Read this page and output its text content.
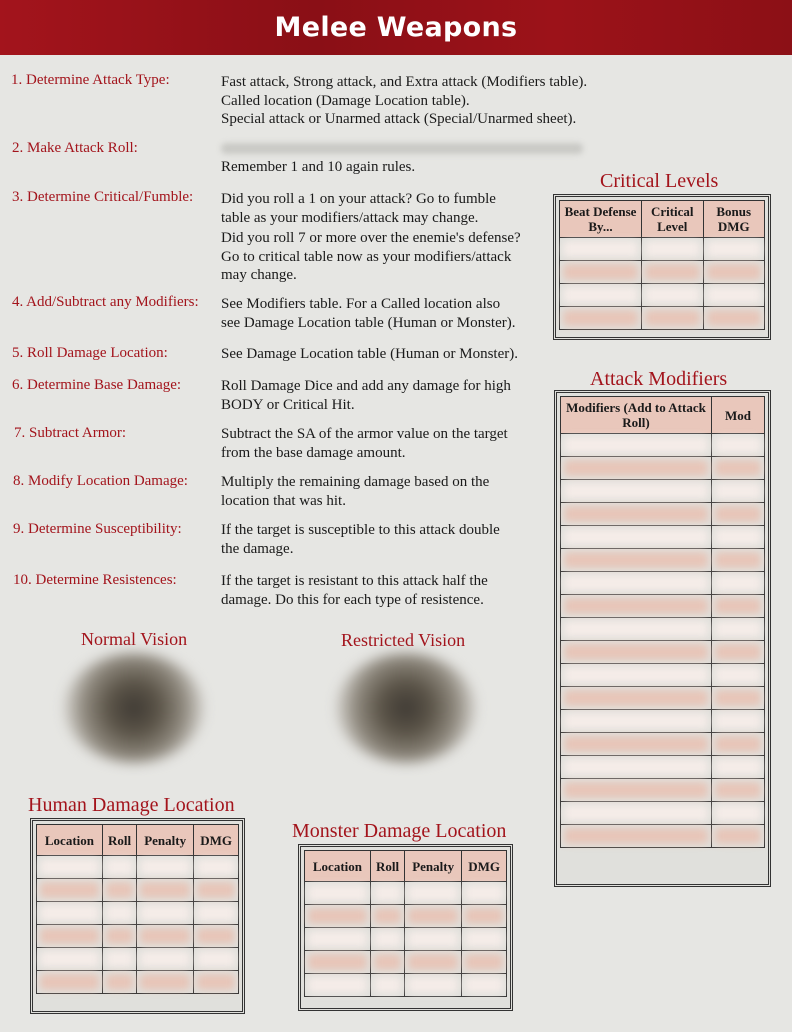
Melee Weapons
1. Determine Attack Type:	Fast attack, Strong attack, and Extra attack (Modifiers table).
Called location (Damage Location table).
Special attack or Unarmed attack (Special/Unarmed sheet).
2. Make Attack Roll:
Remember 1 and 10 again rules.
3. Determine Critical/Fumble: Did you roll a 1 on your attack? Go to fumble
table as your modifiers/attack may change.
Did you roll 7 or more over the enemie's defense?
Go to critical table now as your modifiers/attack
may change.
4. Add/Subtract any Modifiers: See Modifiers table. For a Called location also
see Damage Location table (Human or Monster).
5. Roll Damage Location:	See Damage Location table (Human or Monster).
6. Determine Base Damage:	Roll Damage Dice and add any damage for high
BODY or Critical Hit.
7. Subtract Armor:	Subtract the SA of the armor value on the target
from the base damage amount.
8. Modify Location Damage: Multiply the remaining damage based on the
location that was hit.
9. Determine Susceptibility:	If the target is susceptible to this attack double
the damage.
10. Determine Resistences:	If the target is resistant to this attack half the
damage. Do this for each type of resistence.
Critical Levels
Beat Defense By...	Critical Level	Bonus DMG

Attack Modifiers
Modifiers (Add to Attack Roll)	Mod

Normal Vision	Restricted Vision
Human Damage Location
Location	Roll	Penalty	DMG

		Monster Damage Location
Location	Roll	Penalty	DMG
